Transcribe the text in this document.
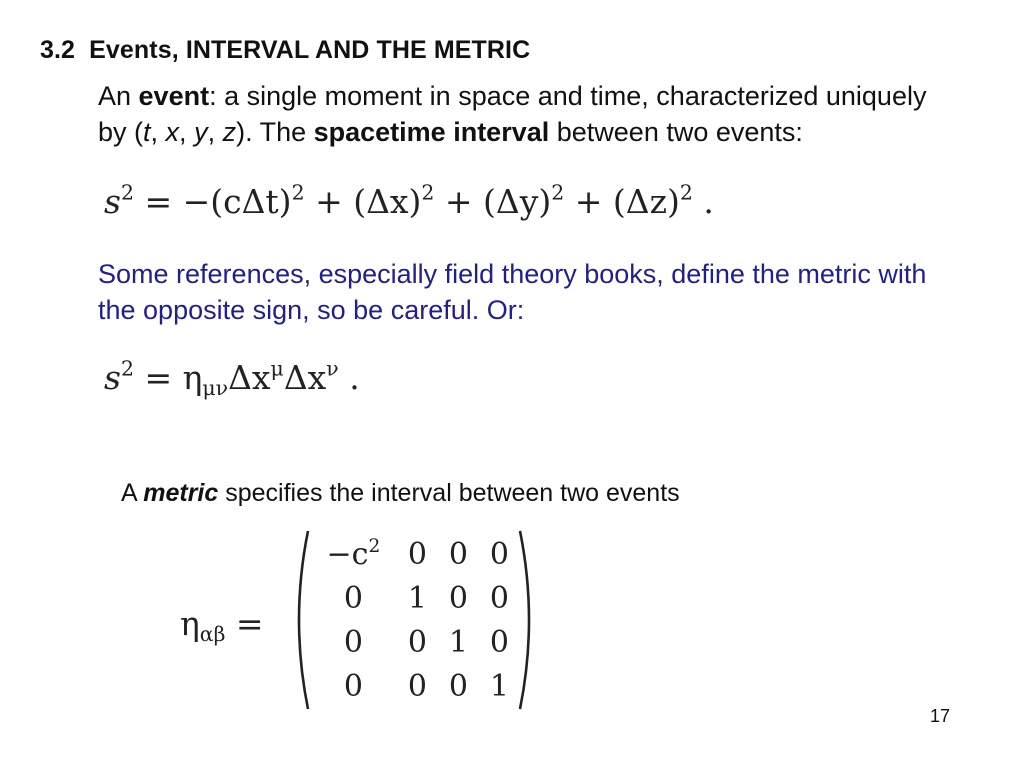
3.2  Events, INTERVAL AND THE METRIC
An event: a single moment in space and time, characterized uniquely
by (t, x, y, z). The spacetime interval between two events:
$s^2 = -(c\Delta t)^2 + (\Delta x)^2 + (\Delta y)^2 + (\Delta z)^2$ .
Some references, especially field theory books, define the metric with
the opposite sign, so be careful. Or:
$s^2 = \eta_{\mu\nu}\Delta x^\mu\Delta x^\nu$ .
A metric specifies the interval between two events
$\eta_{\alpha\beta}$ =
$-c^2$	0	0	0
0	1	0	0
0	0	1	0
0	0	0	1
17
